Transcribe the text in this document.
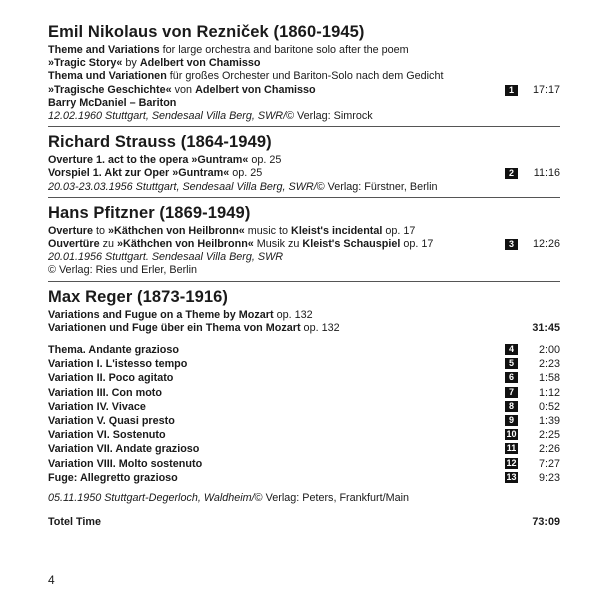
Emil Nikolaus von Rezniček (1860-1945)
Theme and Variations for large orchestra and baritone solo after the poem
»Tragic Story« by Adelbert von Chamisso
Thema und Variationen für großes Orchester und Bariton-Solo nach dem Gedicht
»Tragische Geschichte« von Adelbert von Chamisso	1	17:17
Barry McDaniel – Bariton
12.02.1960 Stuttgart, Sendesaal Villa Berg, SWR/© Verlag: Simrock
Richard Strauss (1864-1949)
Overture 1. act to the opera »Guntram« op. 25
Vorspiel 1. Akt zur Oper »Guntram« op. 25	2	11:16
20.03-23.03.1956 Stuttgart, Sendesaal Villa Berg, SWR/© Verlag: Fürstner, Berlin
Hans Pfitzner (1869-1949)
Overture to »Käthchen von Heilbronn« music to Kleist's incidental op. 17
Ouvertüre zu »Käthchen von Heilbronn« Musik zu Kleist's Schauspiel op. 17	3	12:26
20.01.1956 Stuttgart. Sendesaal Villa Berg, SWR
© Verlag: Ries und Erler, Berlin
Max Reger (1873-1916)
Variations and Fugue on a Theme by Mozart op. 132
Variationen und Fuge über ein Thema von Mozart op. 132	31:45
Thema. Andante grazioso	4	2:00
Variation I. L'istesso tempo	5	2:23
Variation II. Poco agitato	6	1:58
Variation III. Con moto	7	1:12
Variation IV. Vivace	8	0:52
Variation V. Quasi presto	9	1:39
Variation VI. Sostenuto	10 2:25
Variation VII. Andate grazioso	11 2:26
Variation VIII. Molto sostenuto	12 7:27
Fuge: Allegretto grazioso	13 9:23
05.11.1950 Stuttgart-Degerloch, Waldheim/© Verlag: Peters, Frankfurt/Main
Totel Time	73:09
4
